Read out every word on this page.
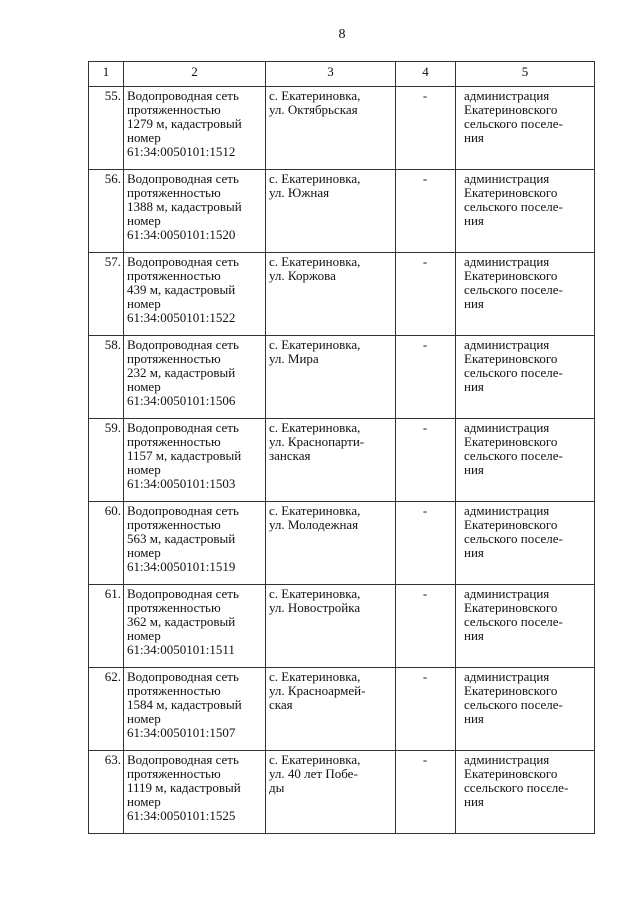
8
1	2	3	4	5
55.	Водопроводная сеть
протяженностью
1279 м, кадастровый
номер
61:34:0050101:1512	с. Екатериновка,
ул. Октябрьская	-	администрация
Екатериновского
сельского поселе-
ния

56.	Водопроводная сеть
протяженностью
1388 м, кадастровый
номер
61:34:0050101:1520	с. Екатериновка,
ул. Южная	-	администрация
Екатериновского
сельского поселе-
ния

57.	Водопроводная сеть
протяженностью
439 м, кадастровый
номер
61:34:0050101:1522	с. Екатериновка,
ул. Коржова	-	администрация
Екатериновского
сельского поселе-
ния

58.	Водопроводная сеть
протяженностью
232 м, кадастровый
номер
61:34:0050101:1506	с. Екатериновка,
ул. Мира	-	администрация
Екатериновского
сельского поселе-
ния

59.	Водопроводная сеть
протяженностью
1157 м, кадастровый
номер
61:34:0050101:1503	с. Екатериновка,
ул. Краснопарти-
занская	-	администрация
Екатериновского
сельского поселе-
ния

60.	Водопроводная сеть
протяженностью
563 м, кадастровый
номер
61:34:0050101:1519	с. Екатериновка,
ул. Молодежная	-	администрация
Екатериновского
сельского поселе-
ния

61.	Водопроводная сеть
протяженностью
362 м, кадастровый
номер
61:34:0050101:1511	с. Екатериновка,
ул. Новостройка	-	администрация
Екатериновского
сельского поселе-
ния

62.	Водопроводная сеть
протяженностью
1584 м, кадастровый
номер
61:34:0050101:1507	с. Екатериновка,
ул. Красноармей-
ская	-	администрация
Екатериновского
сельского поселе-
ния

63.	Водопроводная сеть
протяженностью
1119 м, кадастровый
номер
61:34:0050101:1525	с. Екатериновка,
ул. 40 лет Побе-
ды	-	администрация
Екатериновского
ссельского посєле-
ния
